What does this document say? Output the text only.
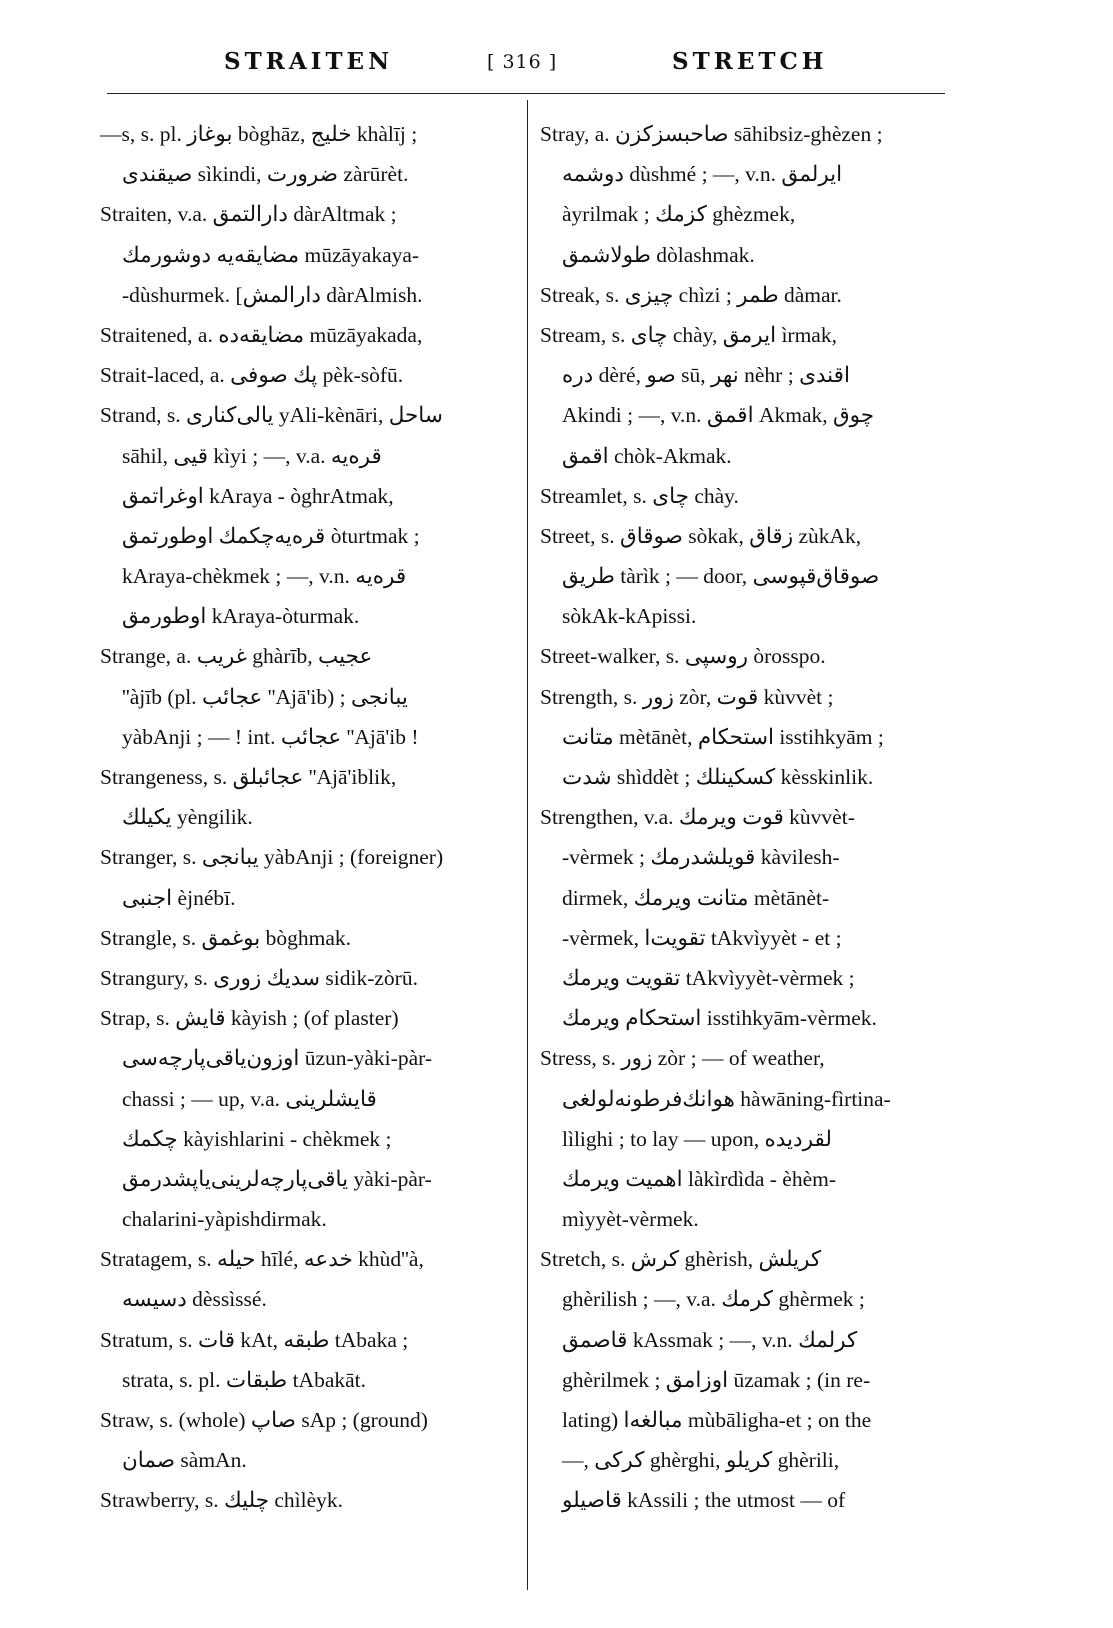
STRAITEN	[ 316 ]	STRETCH
—s, s. pl. بوغاز bòghāz, خليج khàlīj ;
صيقندى sìkindi, ضرورت zàrūrèt.
Straiten, v.a. دارالتمق dàrAltmak ;
مضايقه‌يه دوشورمك mūzāyakaya-
-dùshurmek. [دارالمش dàrAlmish.
Straitened, a. مضايقه‌ده mūzāyakada,
Strait-laced, a. پك صوفى pèk-sòfū.
Strand, s. يالى‌كنارى yAli-kènāri, ساحل
sāhil, قيى kìyi ; —, v.a. قره‌يه
اوغراتمق kAraya - òghrAtmak,
قره‌يه‌چكمك اوطورتمق òturtmak ;
kAraya-chèkmek ; —, v.n. قره‌يه
اوطورمق kAraya-òturmak.
Strange, a. غريب ghàrīb, عجيب
''àjīb (pl. عجائب ''Ajā'ib) ; يبانجى
yàbAnji ; — ! int. عجائب ''Ajā'ib !
Strangeness, s. عجائبلق ''Ajā'iblik,
يكيلك yèngilik.
Stranger, s. يبانجى yàbAnji ; (foreigner)
اجنبى èjnébī.
Strangle, s. بوغمق bòghmak.
Strangury, s. سديك زورى sidik-zòrū.
Strap, s. قايش kàyish ; (of plaster)
اوزون‌ياقى‌پارچه‌سى ūzun-yàki-pàr-
chassi ; — up, v.a. قايشلرينى
چكمك kàyishlarini - chèkmek ;
ياقى‌پارچه‌لرينى‌ياپشدرمق yàki-pàr-
chalarini-yàpishdirmak.
Stratagem, s. حيله hīlé, خدعه khùd''à,
دسيسه dèssìssé.
Stratum, s. قات kAt, طبقه tAbaka ;
strata, s. pl. طبقات tAbakāt.
Straw, s. (whole) صاپ sAp ; (ground)
صمان sàmAn.
Strawberry, s. چليك chìlèyk.
Stray, a. صاحبسز‌كزن sāhibsiz-ghèzen ;
دوشمه dùshmé ; —, v.n. ايرلمق
àyrilmak ; كزمك ghèzmek,
طولاشمق dòlashmak.
Streak, s. چيزى chìzi ; طمر dàmar.
Stream, s. چاى chày, ايرمق ìrmak,
دره dèré, صو sū, نهر nèhr ; اقندى
Akindi ; —, v.n. اقمق Akmak, چوق
اقمق chòk-Akmak.
Streamlet, s. چاى chày.
Street, s. صوقاق sòkak, زقاق zùkAk,
طريق tàrìk ; — door, صوقاق‌قپوسى
sòkAk-kApissi.
Street-walker, s. روسپى òrosspo.
Strength, s. زور zòr, قوت kùvvèt ;
متانت mètānèt, استحكام isstihkyām ;
شدت shìddèt ; كسكينلك kèsskinlik.
Strengthen, v.a. قوت ويرمك kùvvèt-
-vèrmek ; قويلشدرمك kàvilesh-
dirmek, متانت ويرمك mètānèt-
-vèrmek, تقويت‌ا tAkvìyyèt - et ;
تقويت ويرمك tAkvìyyèt-vèrmek ;
استحكام ويرمك isstihkyām-vèrmek.
Stress, s. زور zòr ; — of weather,
هوانك‌فرطونه‌لولغى hàwāning-fìrtina-
lìlighi ; to lay — upon, لقرديده
اهميت ويرمك làkìrdìda - èhèm-
mìyyèt-vèrmek.
Stretch, s. كرش ghèrish, كريلش
ghèrilish ; —, v.a. كرمك ghèrmek ;
قاصمق kAssmak ; —, v.n. كرلمك
ghèrilmek ; اوزامق ūzamak ; (in re-
lating) مبالغه‌ا mùbāligha-et ; on the
—, كركى ghèrghi, كريلو ghèrili,
قاصيلو kAssili ; the utmost — of
